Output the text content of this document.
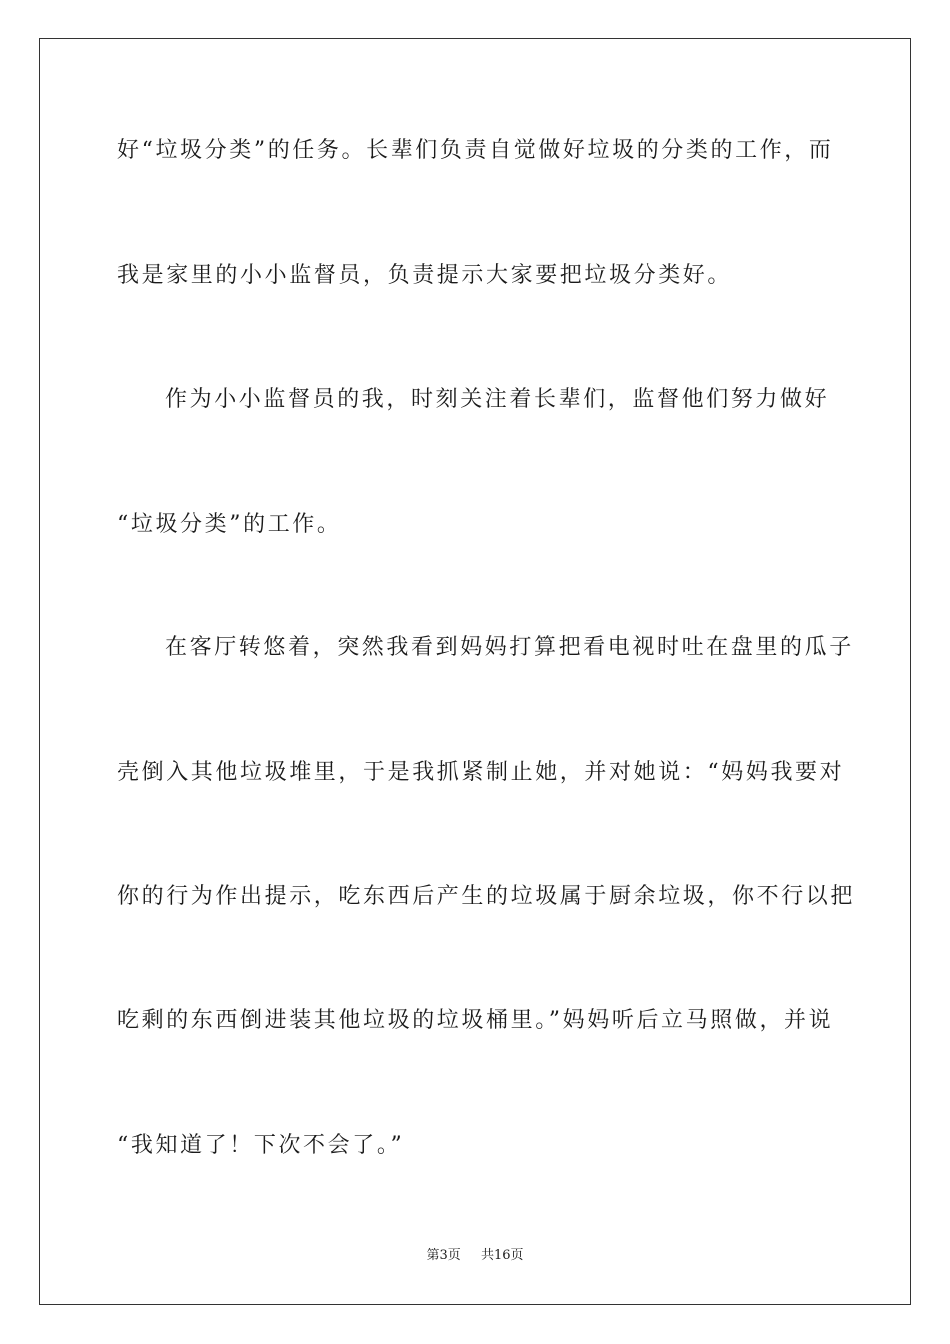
好“垃圾分类”的任务。长辈们负责自觉做好垃圾的分类的工作，而
我是家里的小小监督员，负责提示大家要把垃圾分类好。
作为小小监督员的我，时刻关注着长辈们，监督他们努力做好
“垃圾分类”的工作。
在客厅转悠着，突然我看到妈妈打算把看电视时吐在盘里的瓜子
壳倒入其他垃圾堆里，于是我抓紧制止她，并对她说：“妈妈我要对
你的行为作出提示，吃东西后产生的垃圾属于厨余垃圾，你不行以把
吃剩的东西倒进装其他垃圾的垃圾桶里。”妈妈听后立马照做，并说
“我知道了！下次不会了。”
第3页 共16页
